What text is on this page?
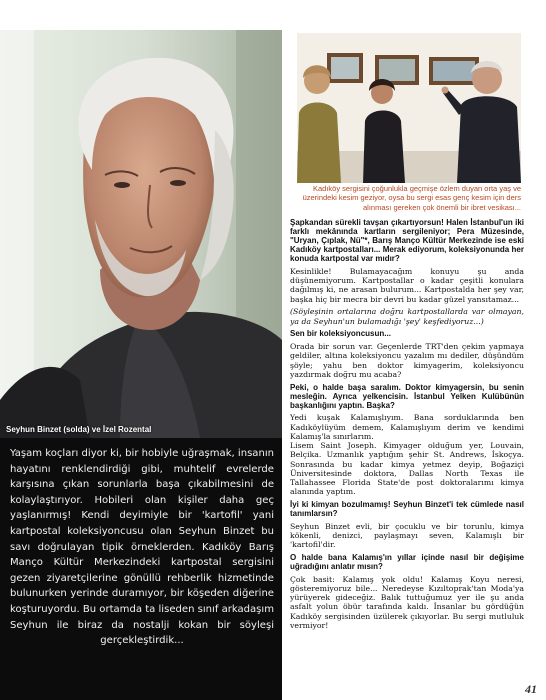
Seyhun Binzet (solda) ve İzel Rozental

Yaşam koçları diyor ki, bir hobiyle uğraşmak, insanın hayatını renklendirdiği gibi, muhtelif evrelerde karşısına çıkan sorunlarla başa çıkabilmesini de kolaylaştırıyor. Hobileri olan kişiler daha geç yaşlanırmış! Kendi deyimiyle bir 'kartofil' yani kartpostal koleksiyoncusu olan Seyhun Binzet bu savı doğrulayan tipik örneklerden. Kadıköy Barış Manço Kültür Merkezindeki kartpostal sergisini gezen ziyaretçilerine gönüllü rehberlik hizmetinde bulunurken yerinde duramıyor, bir köşeden diğerine koşturuyordu. Bu ortamda ta liseden sınıf arkadaşım Seyhun ile biraz da nostalji kokan bir söyleşi gerçekleştirdik...

Kadıköy sergisini çoğunlukla geçmişe özlem duyan orta yaş ve üzerindeki kesim geziyor, oysa bu sergi esas genç kesim için ders alınması gereken çok önemli bir ibret vesikası...

Şapkandan sürekli tavşan çıkartıyorsun! Halen İstanbul'un iki farklı mekânında kartların sergileniyor; Pera Müzesinde, "Uryan, Çıplak, Nü"*, Barış Manço Kültür Merkezinde ise eski Kadıköy kartpostalları... Merak ediyorum, koleksiyonunda her konuda kartpostal var mıdır?

Kesinlikle! Bulamayacağım konuyu şu anda düşünemiyorum. Kartpostallar o kadar çeşitli konulara dağılmış ki, ne arasan bulurum... Kartpostalda her şey var, başka hiç bir mecra bir devri bu kadar güzel yansıtamaz...

(Söyleşinin ortalarına doğru kartpostallarda var olmayan, ya da Seyhun'un bulamadığı 'şey' keşfediyoruz...)

Sen bir koleksiyoncusun...

Orada bir sorun var. Geçenlerde TRT'den çekim yapmaya geldiler, altına koleksiyoncu yazalım mı dediler, düşündüm şöyle; yahu ben doktor kimyagerim, koleksiyoncu yazdırmak doğru mu acaba?

Peki, o halde başa saralım. Doktor kimyagersin, bu senin mesleğin. Ayrıca yelkencisin. İstanbul Yelken Kulübünün başkanlığını yaptın. Başka?

Yedi kuşak Kalamışlıyım. Bana sorduklarında ben Kadıköylüyüm demem, Kalamışlıyım derim ve kendimi Kalamış'la sınırlarım.
Lisem Saint Joseph. Kimyager olduğum yer, Louvain, Belçika. Uzmanlık yaptığım şehir St. Andrews, İskoçya. Sonrasında bu kadar kimya yetmez deyip, Boğaziçi Üniversitesinde doktora, Dallas North Texas ile Tallahassee Florida State'de post doktoralarımı kimya alanında yaptım.

İyi ki kimyan bozulmamış! Seyhun Binzet'i tek cümlede nasıl tanımlarsın?

Seyhun Binzet evli, bir çocuklu ve bir torunlu, kimya kökenli, denizci, paylaşmayı seven, Kalamışlı bir 'kartofil'dir.

O halde bana Kalamış'ın yıllar içinde nasıl bir değişime uğradığını anlatır mısın?

Çok basit: Kalamış yok oldu! Kalamış Koyu neresi, gösteremiyoruz bile... Neredeyse Kızıltoprak'tan Moda'ya yürüyerek gideceğiz. Balık tuttuğumuz yer ile şu anda asfalt yolun öbür tarafında kaldı. İnsanlar bu gördüğün Kadıköy sergisinden üzülerek çıkıyorlar. Bu sergi mutluluk vermiyor!

41
